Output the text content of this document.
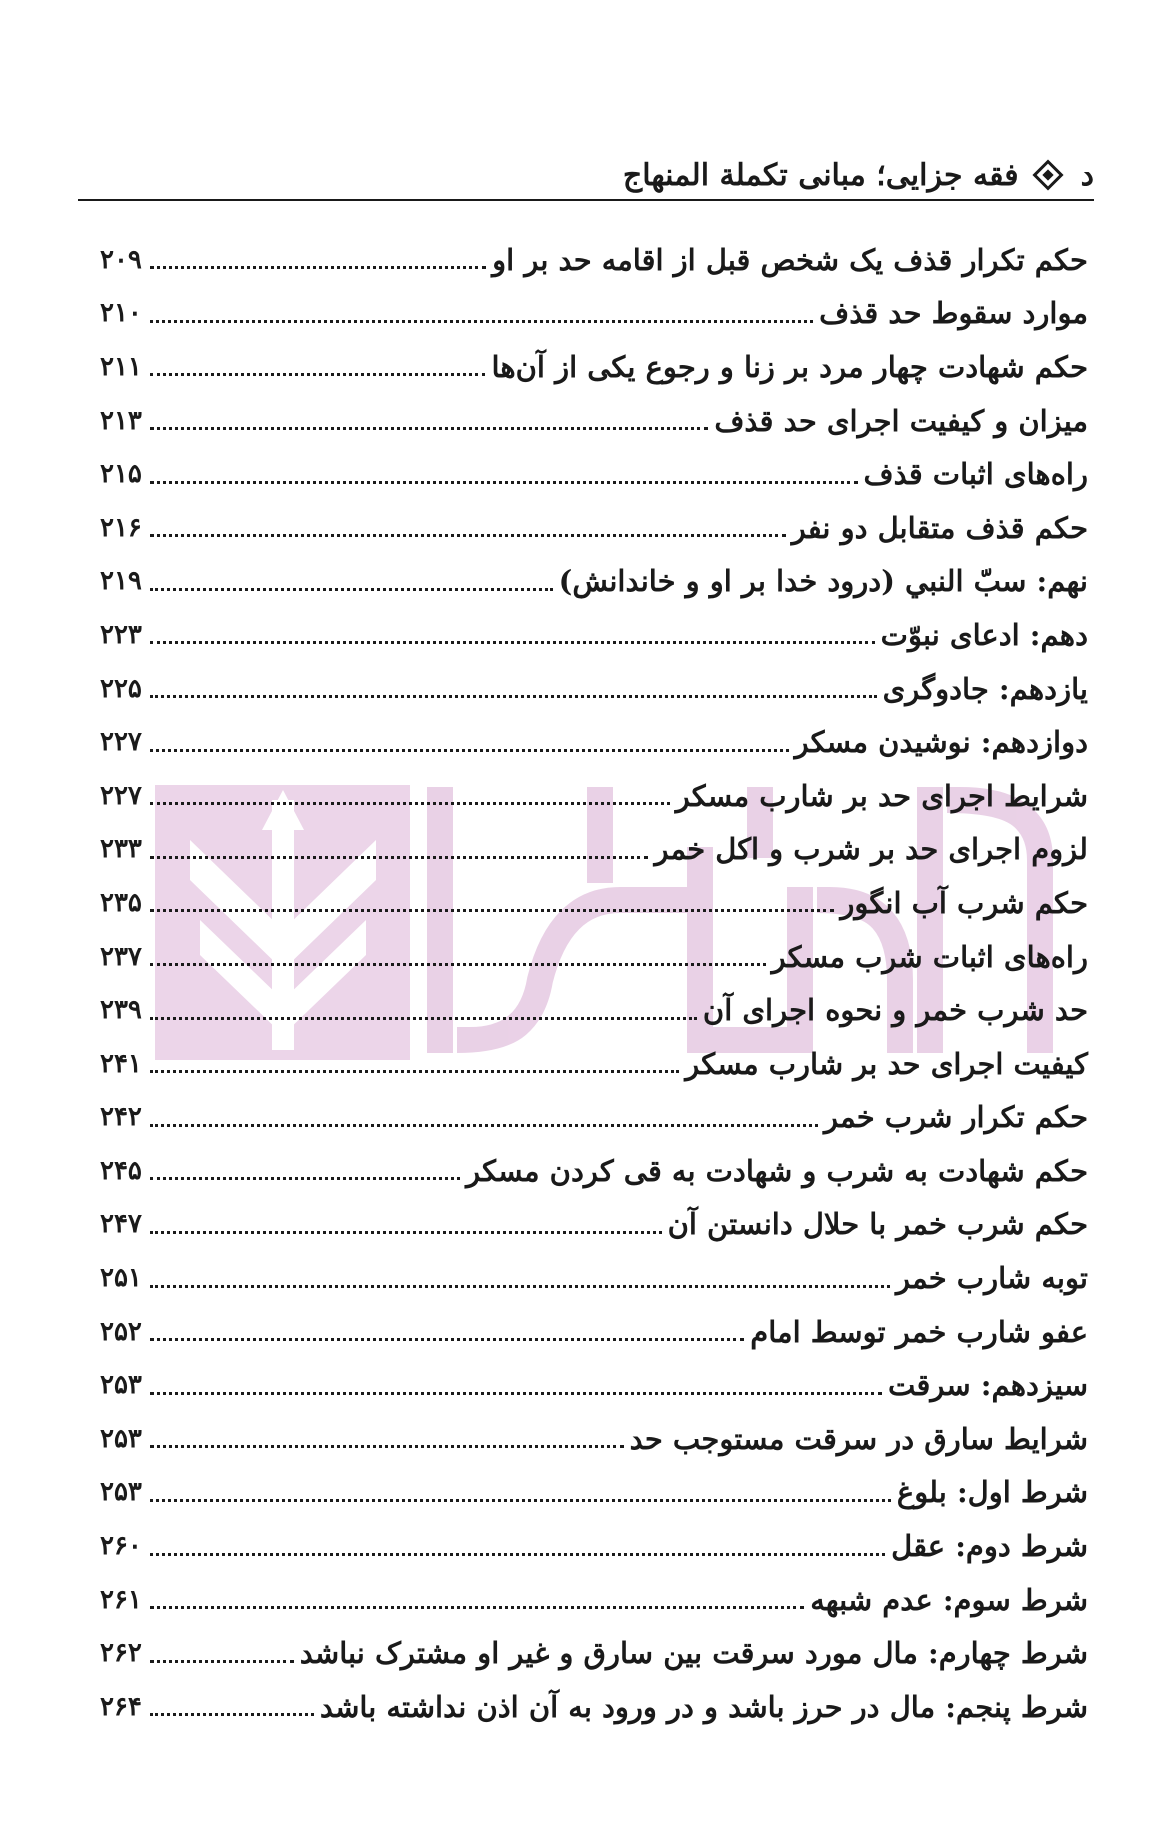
د
فقه جزایی؛ مبانی تکملة المنهاج
حکم تکرار قذف یک شخص قبل از اقامه حد بر او
۲۰۹
موارد سقوط حد قذف
۲۱۰
حکم شهادت چهار مرد بر زنا و رجوع یکی از آن‌ها
۲۱۱
میزان و کیفیت اجرای حد قذف
۲۱۳
راه‌های اثبات قذف
۲۱۵
حکم قذف متقابل دو نفر
۲۱۶
نهم: سبّ النبي (درود خدا بر او و خاندانش)
۲۱۹
دهم: ادعای نبوّت
۲۲۳
یازدهم: جادوگری
۲۲۵
دوازدهم: نوشیدن مسکر
۲۲۷
شرایط اجرای حد بر شارب مسکر
۲۲۷
لزوم اجرای حد بر شرب و اکل خمر
۲۳۳
حکم شرب آب انگور
۲۳۵
راه‌های اثبات شرب مسکر
۲۳۷
حد شرب خمر و نحوه اجرای آن
۲۳۹
کیفیت اجرای حد بر شارب مسکر
۲۴۱
حکم تکرار شرب خمر
۲۴۲
حکم شهادت به شرب و شهادت به قی کردن مسکر
۲۴۵
حکم شرب خمر با حلال دانستن آن
۲۴۷
توبه شارب خمر
۲۵۱
عفو شارب خمر توسط امام
۲۵۲
سیزدهم: سرقت
۲۵۳
شرایط سارق در سرقت مستوجب حد
۲۵۳
شرط اول: بلوغ
۲۵۳
شرط دوم: عقل
۲۶۰
شرط سوم: عدم شبهه
۲۶۱
شرط چهارم: مال مورد سرقت بین سارق و غیر او مشترک نباشد
۲۶۲
شرط پنجم: مال در حرز باشد و در ورود به آن اذن نداشته باشد
۲۶۴
